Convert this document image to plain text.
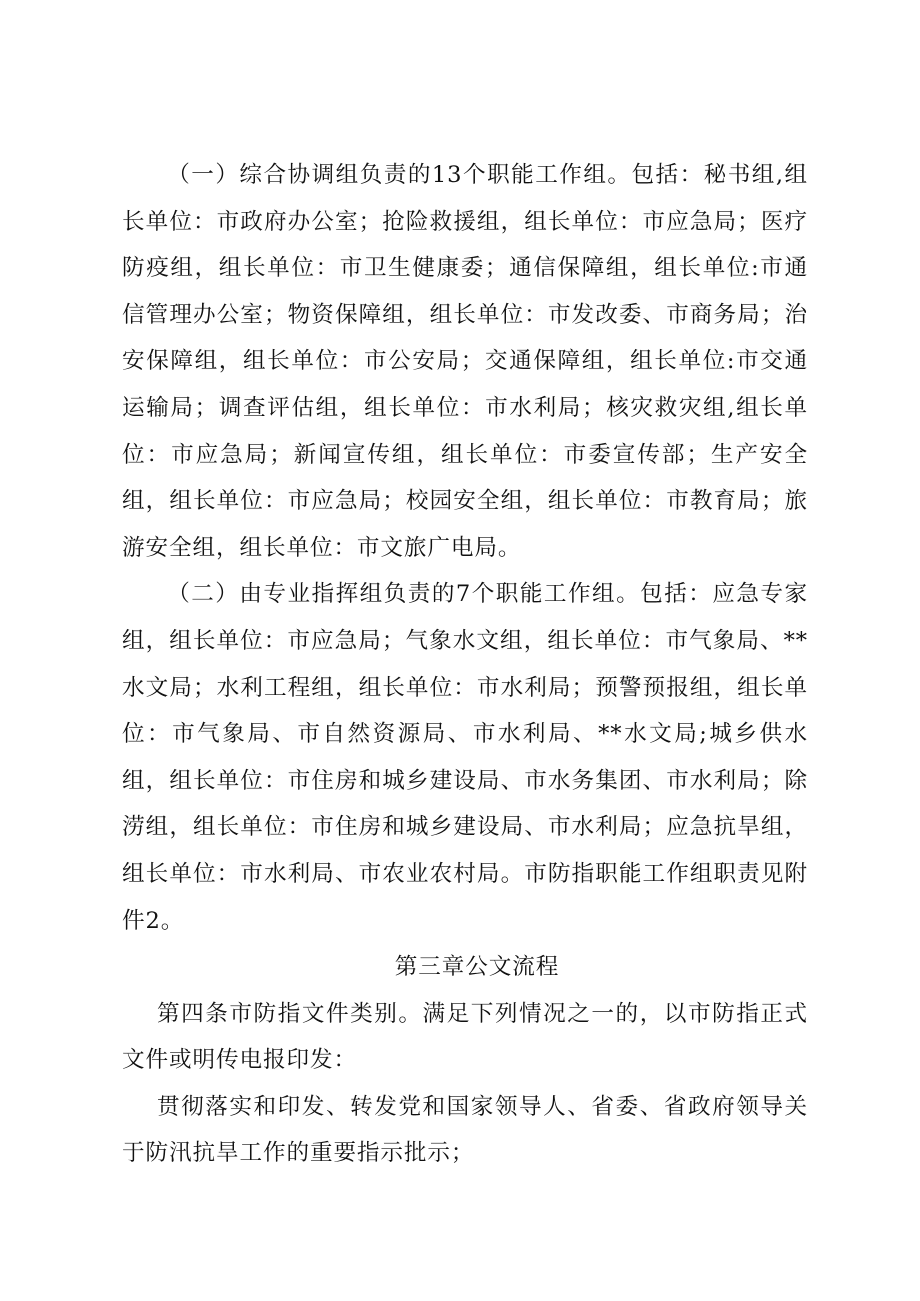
（一）综合协调组负责的13个职能工作组。包括：秘书组,组长单位：市政府办公室；抢险救援组，组长单位：市应急局；医疗防疫组，组长单位：市卫生健康委；通信保障组，组长单位:市通信管理办公室；物资保障组，组长单位：市发改委、市商务局；治安保障组，组长单位：市公安局；交通保障组，组长单位:市交通运输局；调查评估组，组长单位：市水利局；核灾救灾组,组长单位：市应急局；新闻宣传组，组长单位：市委宣传部；生产安全组，组长单位：市应急局；校园安全组，组长单位：市教育局；旅游安全组，组长单位：市文旅广电局。

（二）由专业指挥组负责的7个职能工作组。包括：应急专家组，组长单位：市应急局；气象水文组，组长单位：市气象局、**水文局；水利工程组，组长单位：市水利局；预警预报组，组长单位：市气象局、市自然资源局、市水利局、**水文局;城乡供水组，组长单位：市住房和城乡建设局、市水务集团、市水利局；除涝组，组长单位：市住房和城乡建设局、市水利局；应急抗旱组，组长单位：市水利局、市农业农村局。市防指职能工作组职责见附件2。

第三章公文流程

第四条市防指文件类别。满足下列情况之一的，以市防指正式文件或明传电报印发：

贯彻落实和印发、转发党和国家领导人、省委、省政府领导关于防汛抗旱工作的重要指示批示；
